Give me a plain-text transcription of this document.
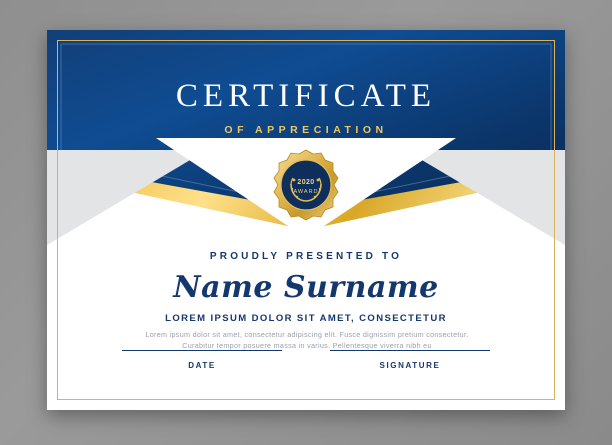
CERTIFICATE
OF APPRECIATION
2020
AWARD
PROUDLY PRESENTED TO
Name Surname
LOREM IPSUM DOLOR SIT AMET, CONSECTETUR
Lorem ipsum dolor sit amet, consectetur adipiscing elit. Fusce dignissim pretium consectetur. Curabitur tempor posuere massa in varius. Pellentesque viverra nibh eu
DATE	SIGNATURE
